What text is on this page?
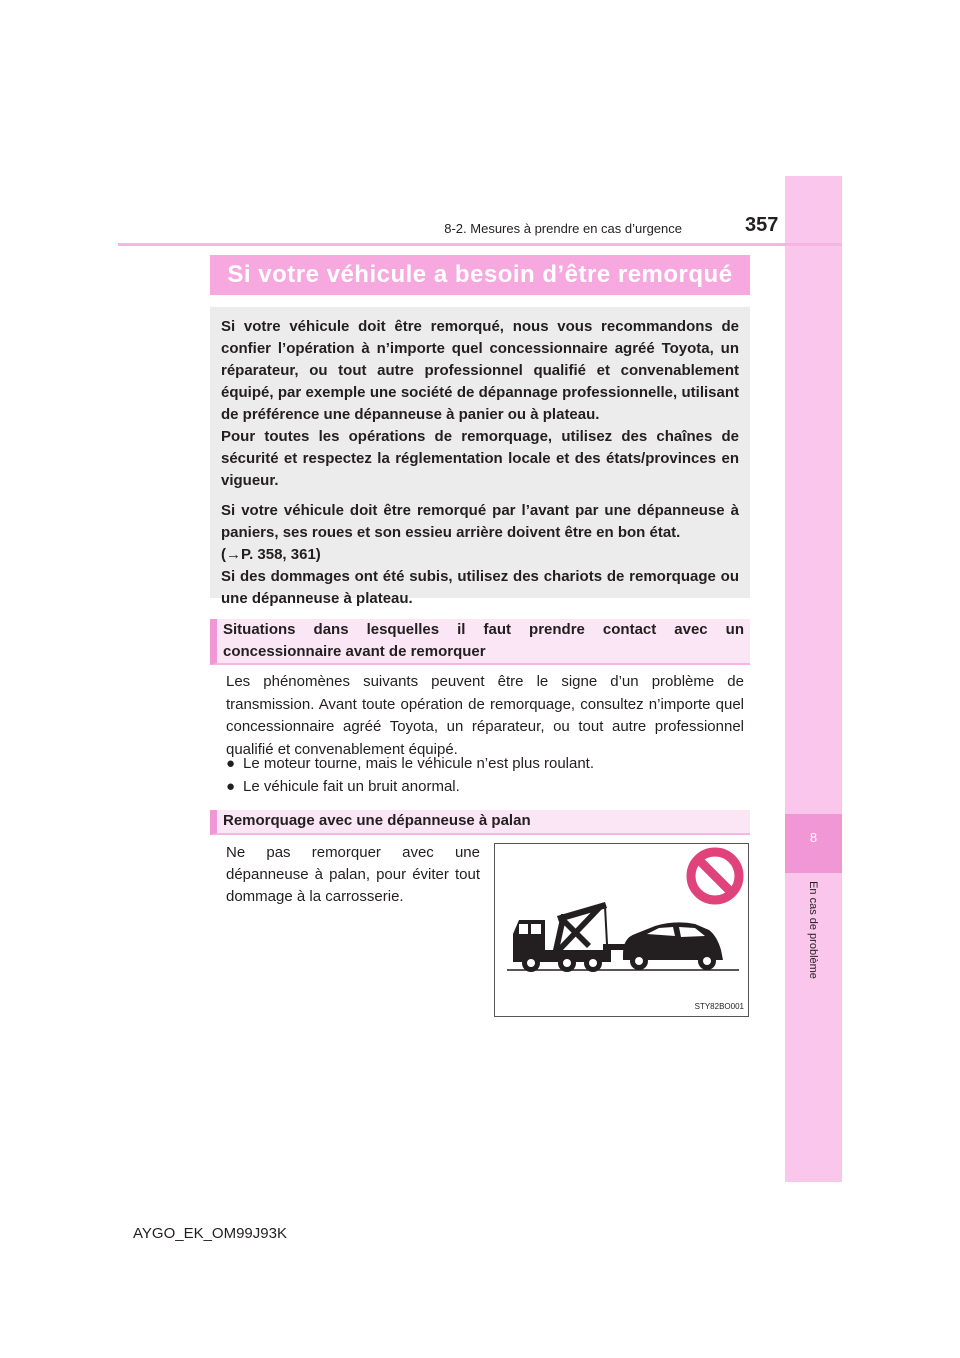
8
En cas de problème
8-2. Mesures à prendre en cas d’urgence	357
Si votre véhicule a besoin d’être remorqué

Si votre véhicule doit être remorqué, nous vous recommandons de confier l’opération à n’importe quel concessionnaire agréé Toyota, un réparateur, ou tout autre professionnel qualifié et convenablement équipé, par exemple une société de dépannage professionnelle, utilisant de préférence une dépanneuse à panier ou à plateau.

Pour toutes les opérations de remorquage, utilisez des chaînes de sécurité et respectez la réglementation locale et des états/provinces en vigueur.

Si votre véhicule doit être remorqué par l’avant par une dépanneuse à paniers, ses roues et son essieu arrière doivent être en bon état.

(→P. 358, 361)

Si des dommages ont été subis, utilisez des chariots de remorquage ou une dépanneuse à plateau.

Situations dans lesquelles il faut prendre contact avec un
concessionnaire avant de remorquer
Les phénomènes suivants peuvent être le signe d’un problème de transmission. Avant toute opération de remorquage, consultez n’importe quel concessionnaire agréé Toyota, un réparateur, ou tout autre professionnel qualifié et convenablement équipé.
● Le moteur tourne, mais le véhicule n’est plus roulant.
● Le véhicule fait un bruit anormal.
Remorquage avec une dépanneuse à palan
Ne pas remorquer avec une dépanneuse à palan, pour éviter tout dommage à la carrosserie.
STY82BO001
AYGO_EK_OM99J93K
